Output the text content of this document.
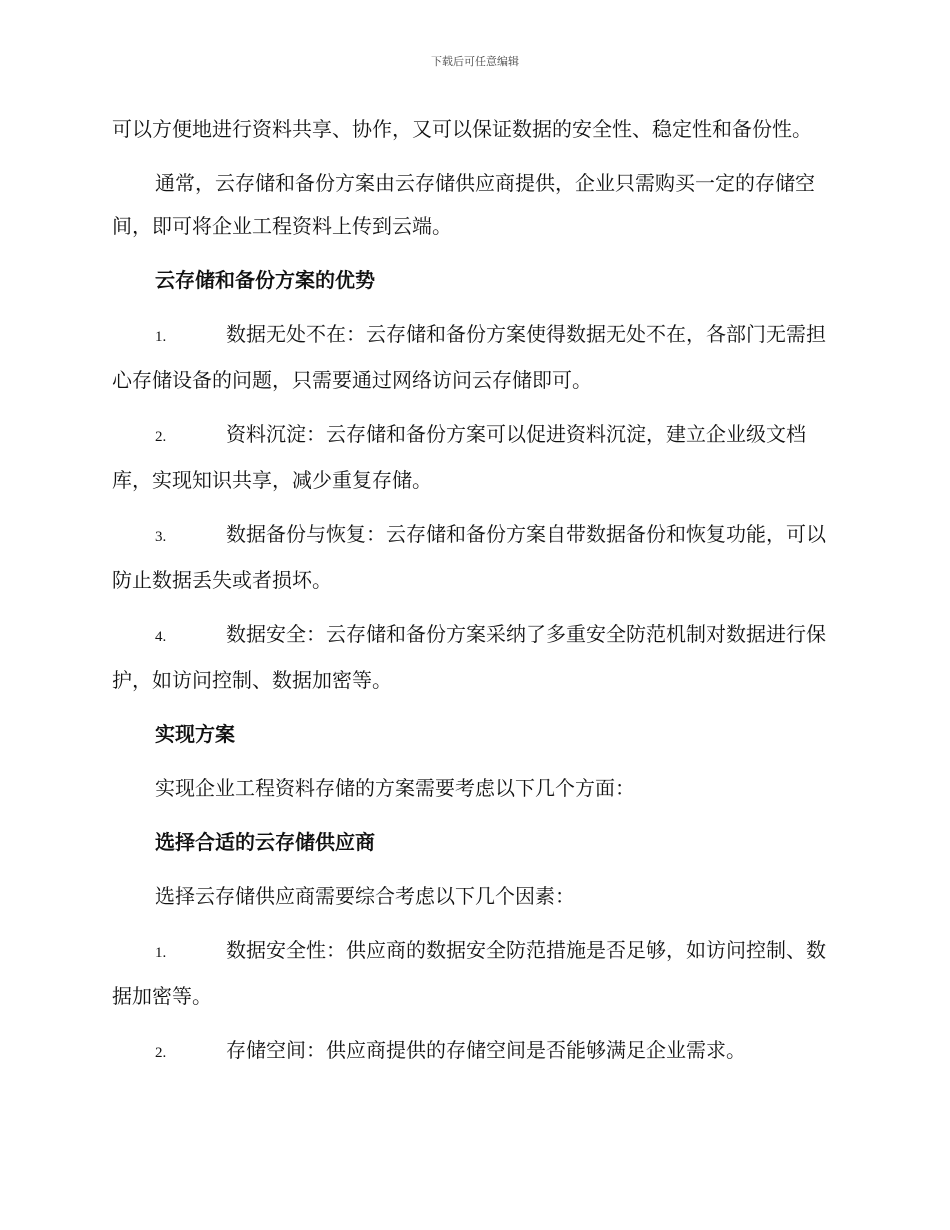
下载后可任意编辑

可以方便地进行资料共享、协作，又可以保证数据的安全性、稳定性和备份性。

通常，云存储和备份方案由云存储供应商提供，企业只需购买一定的存储空间，即可将企业工程资料上传到云端。

云存储和备份方案的优势

1.	数据无处不在：云存储和备份方案使得数据无处不在，各部门无需担心存储设备的问题，只需要通过网络访问云存储即可。

2.	资料沉淀：云存储和备份方案可以促进资料沉淀，建立企业级文档库，实现知识共享，减少重复存储。

3.	数据备份与恢复：云存储和备份方案自带数据备份和恢复功能，可以防止数据丢失或者损坏。

4.	数据安全：云存储和备份方案采纳了多重安全防范机制对数据进行保护，如访问控制、数据加密等。

实现方案

实现企业工程资料存储的方案需要考虑以下几个方面：

选择合适的云存储供应商

选择云存储供应商需要综合考虑以下几个因素：

1.	数据安全性：供应商的数据安全防范措施是否足够，如访问控制、数据加密等。

2.	存储空间：供应商提供的存储空间是否能够满足企业需求。
